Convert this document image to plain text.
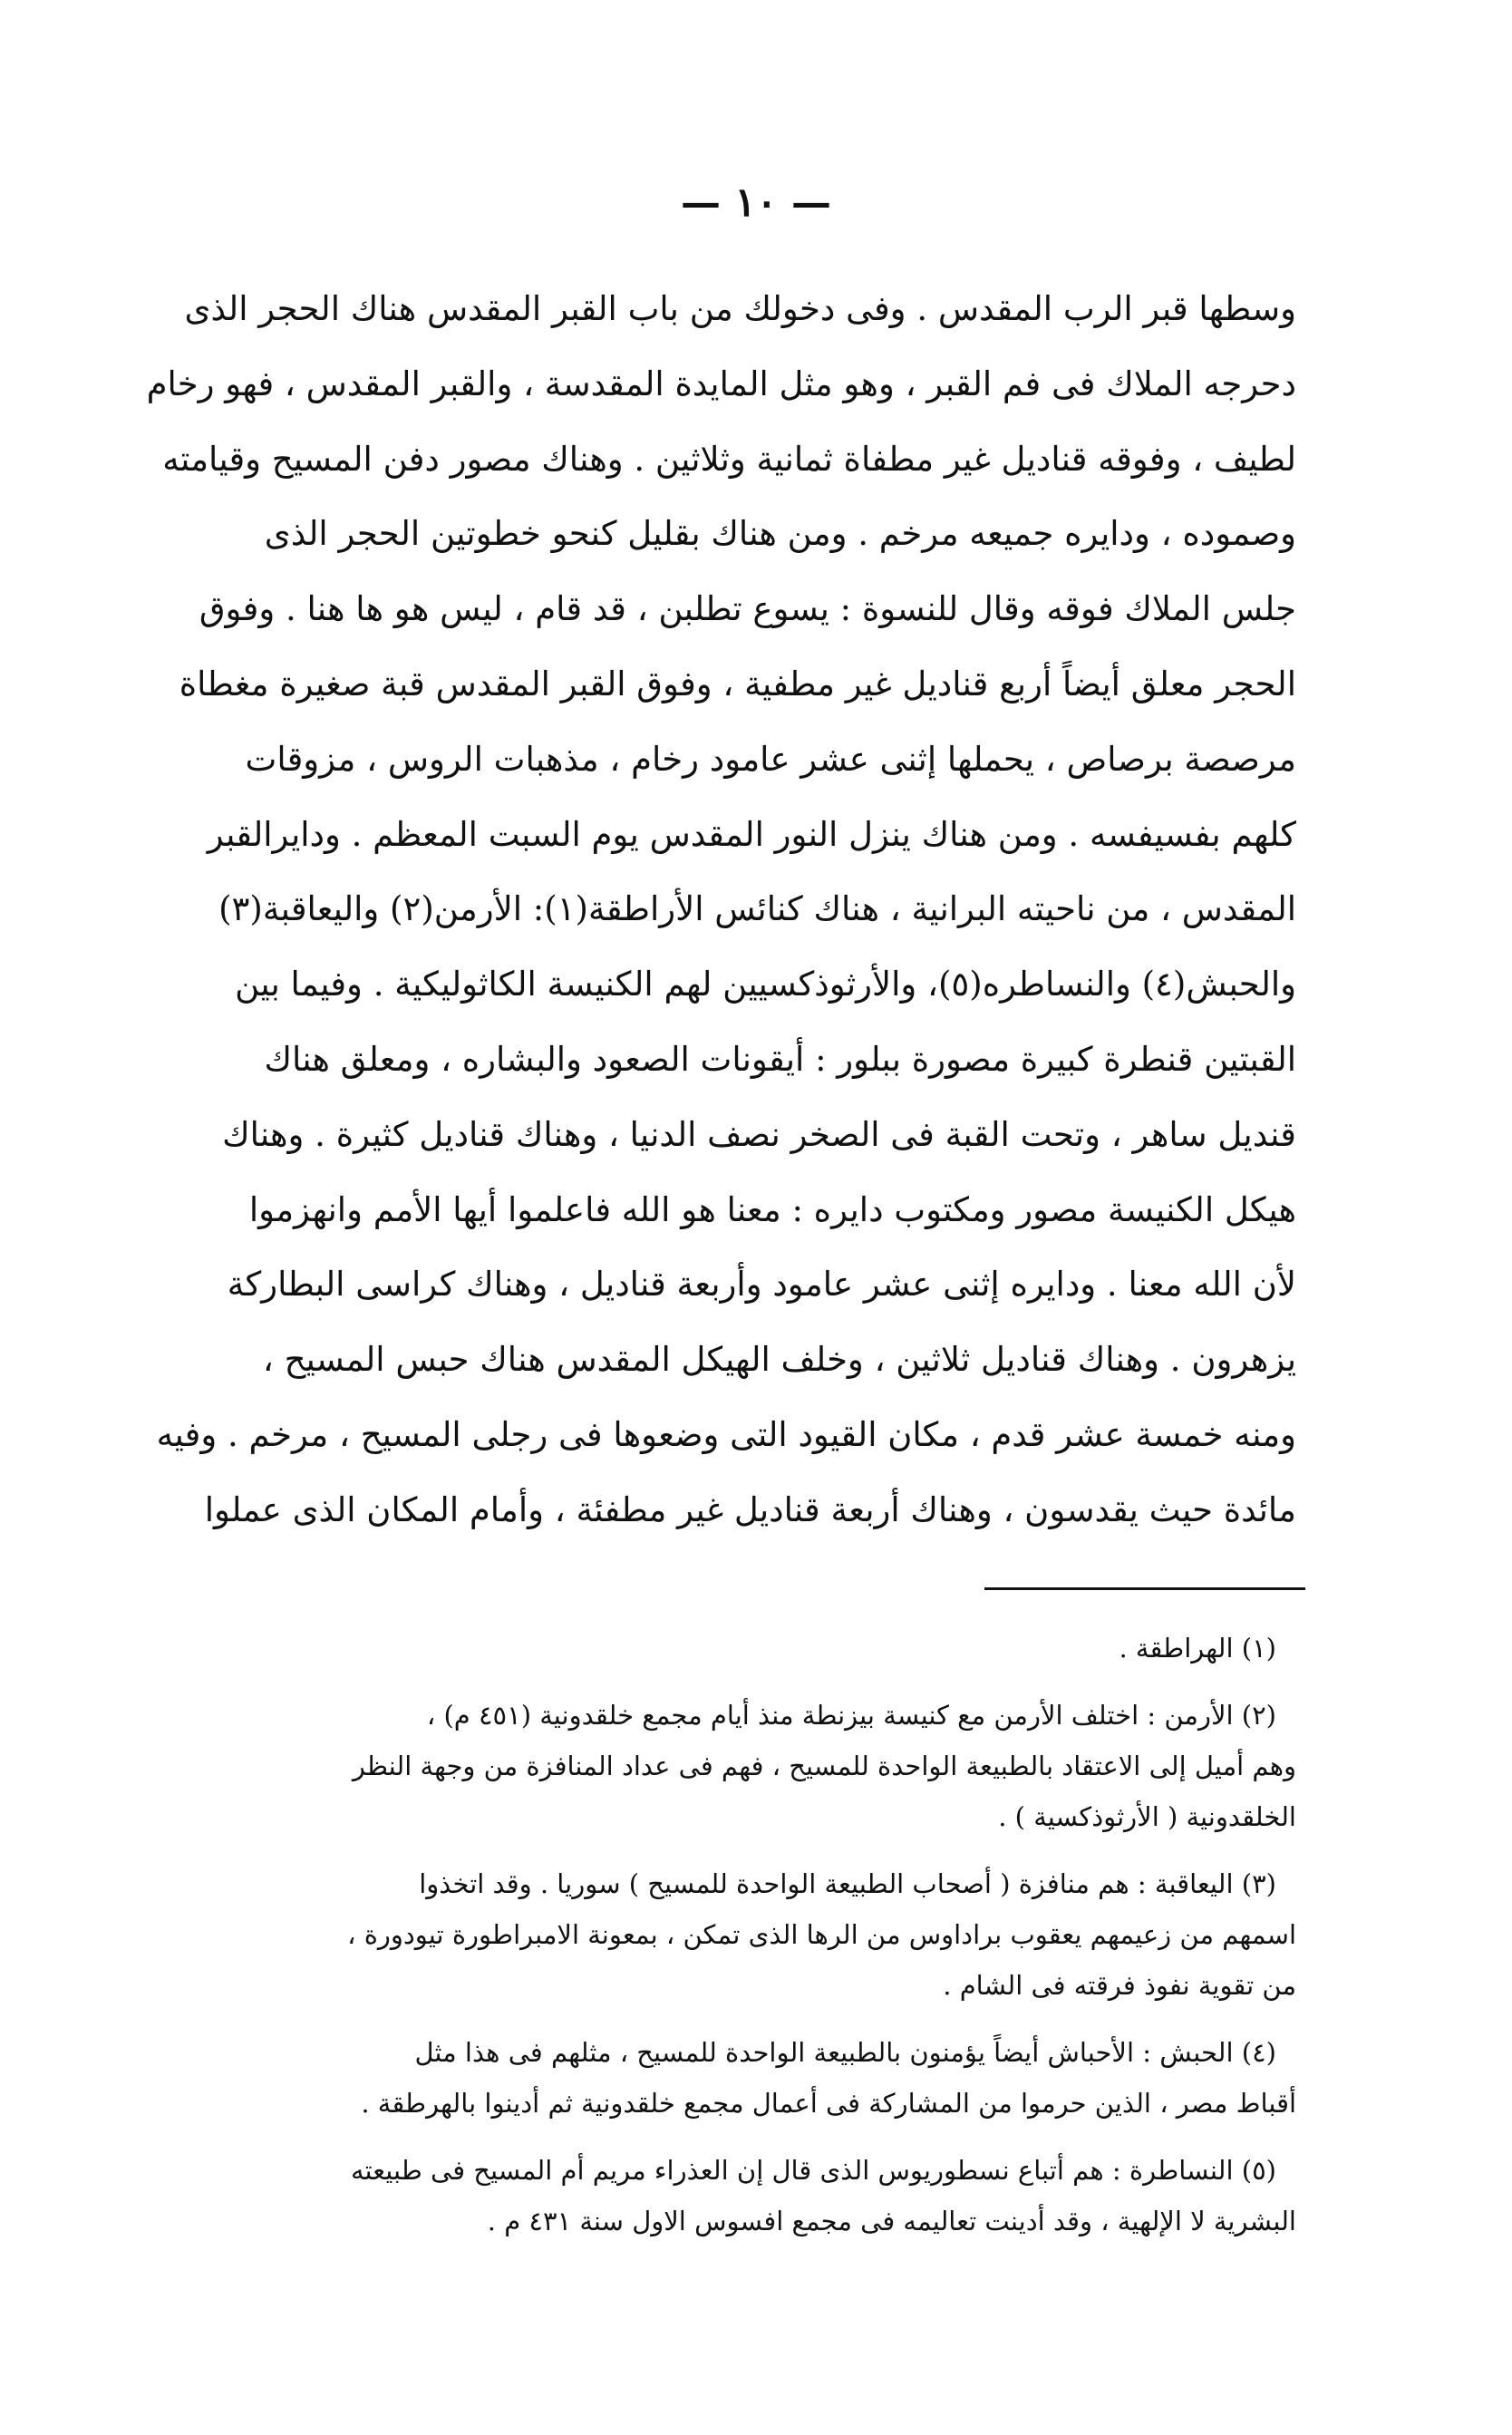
— ١٠ —
وسطها قبر الرب المقدس . وفى دخولك من باب القبر المقدس هناك الحجر الذى
دحرجه الملاك فى فم القبر ، وهو مثل المايدة المقدسة ، والقبر المقدس ، فهو رخام
لطيف ، وفوقه قناديل غير مطفاة ثمانية وثلاثين . وهناك مصور دفن المسيح وقيامته
وصموده ، ودايره جميعه مرخم . ومن هناك بقليل كنحو خطوتين الحجر الذى
جلس الملاك فوقه وقال للنسوة : يسوع تطلبن ، قد قام ، ليس هو ها هنا . وفوق
الحجر معلق أيضاً أربع قناديل غير مطفية ، وفوق القبر المقدس قبة صغيرة مغطاة
مرصصة برصاص ، يحملها إثنى عشر عامود رخام ، مذهبات الروس ، مزوقات
كلهم بفسيفسه . ومن هناك ينزل النور المقدس يوم السبت المعظم . ودايرالقبر
المقدس ، من ناحيته البرانية ، هناك كنائس الأراطقة(١): الأرمن(٢) واليعاقبة(٣)
والحبش(٤) والنساطره(٥)، والأرثوذكسيين لهم الكنيسة الكاثوليكية . وفيما بين
القبتين قنطرة كبيرة مصورة ببلور : أيقونات الصعود والبشاره ، ومعلق هناك
قنديل ساهر ، وتحت القبة فى الصخر نصف الدنيا ، وهناك قناديل كثيرة . وهناك
هيكل الكنيسة مصور ومكتوب دايره : معنا هو الله فاعلموا أيها الأمم وانهزموا
لأن الله معنا . ودايره إثنى عشر عامود وأربعة قناديل ، وهناك كراسى البطاركة
يزهرون . وهناك قناديل ثلاثين ، وخلف الهيكل المقدس هناك حبس المسيح ،
ومنه خمسة عشر قدم ، مكان القيود التى وضعوها فى رجلى المسيح ، مرخم . وفيه
مائدة حيث يقدسون ، وهناك أربعة قناديل غير مطفئة ، وأمام المكان الذى عملوا
(١) الهراطقة .
(٢) الأرمن : اختلف الأرمن مع كنيسة بيزنطة منذ أيام مجمع خلقدونية (٤٥١ م) ،
وهم أميل إلى الاعتقاد بالطبيعة الواحدة للمسيح ، فهم فى عداد المنافزة من وجهة النظر
الخلقدونية ( الأرثوذكسية ) .
(٣) اليعاقبة : هم منافزة ( أصحاب الطبيعة الواحدة للمسيح ) سوريا . وقد اتخذوا
اسمهم من زعيمهم يعقوب براداوس من الرها الذى تمكن ، بمعونة الامبراطورة تيودورة ،
من تقوية نفوذ فرقته فى الشام .
(٤) الحبش : الأحباش أيضاً يؤمنون بالطبيعة الواحدة للمسيح ، مثلهم فى هذا مثل
أقباط مصر ، الذين حرموا من المشاركة فى أعمال مجمع خلقدونية ثم أدينوا بالهرطقة .
(٥) النساطرة : هم أتباع نسطوريوس الذى قال إن العذراء مريم أم المسيح فى طبيعته
البشرية لا الإلهية ، وقد أدينت تعاليمه فى مجمع افسوس الاول سنة ٤٣١ م .
